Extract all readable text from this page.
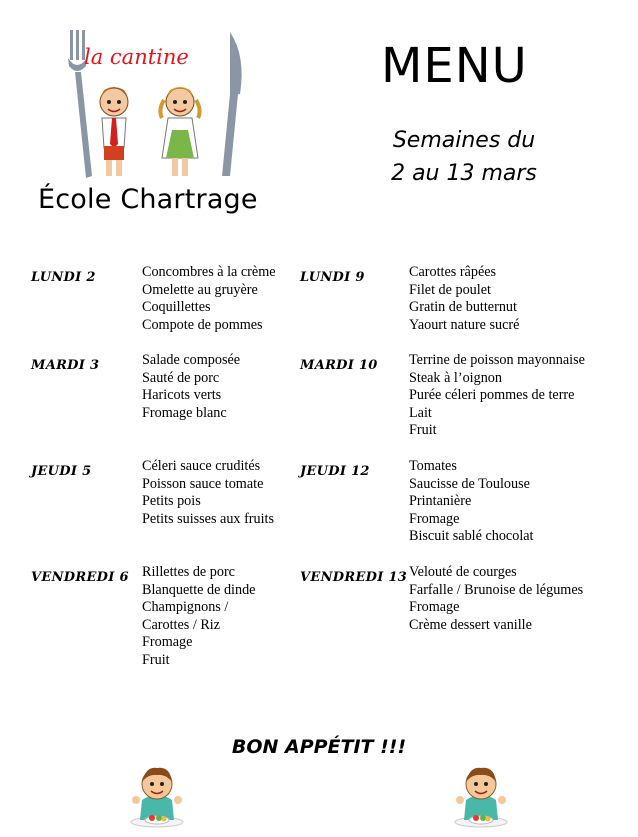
la cantine
École Chartrage
MENU
Semaines du
2 au 13 mars
LUNDI 2	Concombres à la crème
Omelette au gruyère
Coquillettes
Compote de pommes
MARDI 3	Salade composée
Sauté de porc
Haricots verts
Fromage blanc
JEUDI 5	Céleri sauce crudités
Poisson sauce tomate
Petits pois
Petits suisses aux fruits
VENDREDI 6 Rillettes de porc
Blanquette de dinde
Champignons /
Carottes / Riz
Fromage
Fruit
LUNDI 9	Carottes râpées
Filet de poulet
Gratin de butternut
Yaourt nature sucré
MARDI 10 Terrine de poisson mayonnaise
Steak à l’oignon
Purée céleri pommes de terre
Lait
Fruit
JEUDI 12	Tomates
Saucisse de Toulouse
Printanière
Fromage
Biscuit sablé chocolat
VENDREDI 13 Velouté de courges
Farfalle / Brunoise de légumes
Fromage
Crème dessert vanille
BON APPÉTIT !!!
